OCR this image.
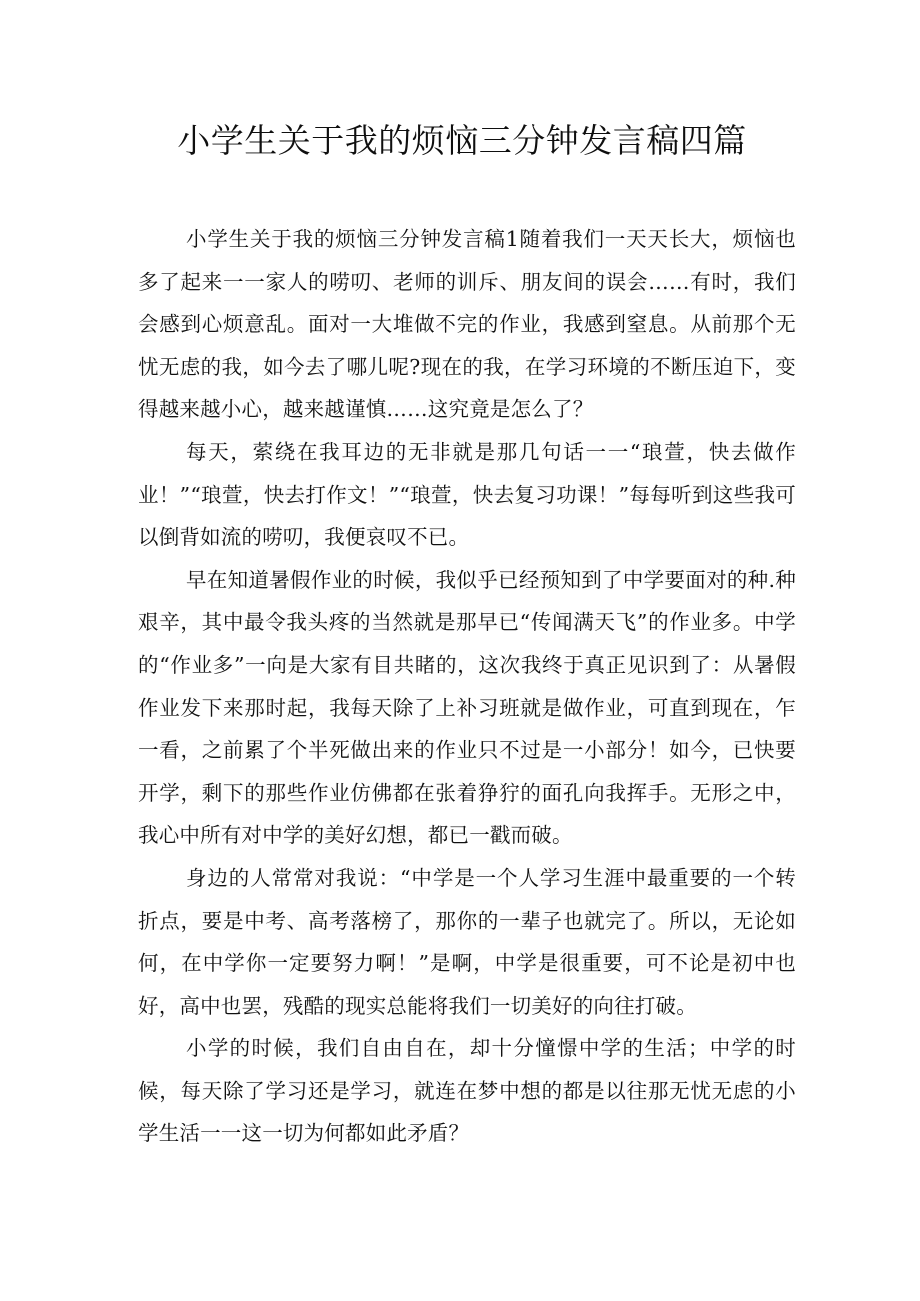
小学生关于我的烦恼三分钟发言稿四篇

小学生关于我的烦恼三分钟发言稿1随着我们一天天长大，烦恼也多了起来一一家人的唠叨、老师的训斥、朋友间的误会……有时，我们会感到心烦意乱。面对一大堆做不完的作业，我感到窒息。从前那个无忧无虑的我，如今去了哪儿呢?现在的我，在学习环境的不断压迫下，变得越来越小心，越来越谨慎……这究竟是怎么了？

每天，萦绕在我耳边的无非就是那几句话一一“琅萱，快去做作业！”“琅萱，快去打作文！”“琅萱，快去复习功课！”每每听到这些我可以倒背如流的唠叨，我便哀叹不已。

早在知道暑假作业的时候，我似乎已经预知到了中学要面对的种.种艰辛，其中最令我头疼的当然就是那早已“传闻满天飞”的作业多。中学的“作业多”一向是大家有目共睹的，这次我终于真正见识到了：从暑假作业发下来那时起，我每天除了上补习班就是做作业，可直到现在，乍一看，之前累了个半死做出来的作业只不过是一小部分！如今，已快要开学，剩下的那些作业仿佛都在张着狰狞的面孔向我挥手。无形之中，我心中所有对中学的美好幻想，都已一戳而破。

身边的人常常对我说：“中学是一个人学习生涯中最重要的一个转折点，要是中考、高考落榜了，那你的一辈子也就完了。所以，无论如何，在中学你一定要努力啊！”是啊，中学是很重要，可不论是初中也好，高中也罢，残酷的现实总能将我们一切美好的向往打破。

小学的时候，我们自由自在，却十分憧憬中学的生活；中学的时候，每天除了学习还是学习，就连在梦中想的都是以往那无忧无虑的小学生活一一这一切为何都如此矛盾？
